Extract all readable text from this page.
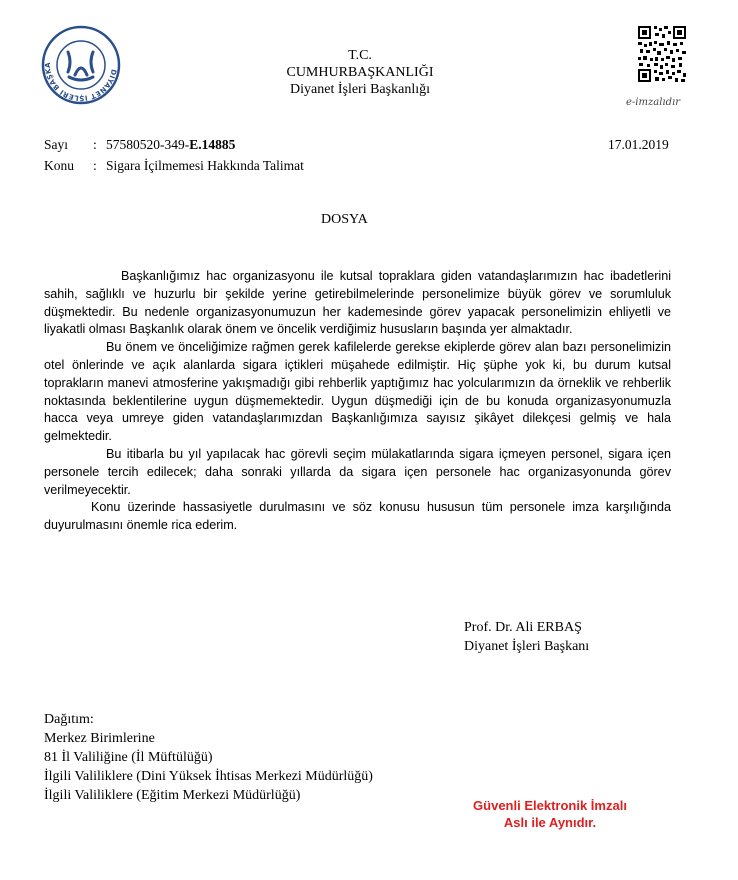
DİYANET İŞLERİ BAŞKA
T.C.
CUMHURBAŞKANLIĞI
Diyanet İşleri Başkanlığı
e-imzalıdır
Sayı : 57580520-349-E.14885	17.01.2019
Konu : Sigara İçilmemesi Hakkında Talimat
DOSYA

Başkanlığımız hac organizasyonu ile kutsal topraklara giden vatandaşlarımızın hac ibadetlerini sahih, sağlıklı ve huzurlu bir şekilde yerine getirebilmelerinde personelimize büyük görev ve sorumluluk düşmektedir. Bu nedenle organizasyonumuzun her kademesinde görev yapacak personelimizin ehliyetli ve liyakatli olması Başkanlık olarak önem ve öncelik verdiğimiz hususların başında yer almaktadır.

Bu önem ve önceliğimize rağmen gerek kafilelerde gerekse ekiplerde görev alan bazı personelimizin otel önlerinde ve açık alanlarda sigara içtikleri müşahede edilmiştir. Hiç şüphe yok ki, bu durum kutsal toprakların manevi atmosferine yakışmadığı gibi rehberlik yaptığımız hac yolcularımızın da örneklik ve rehberlik noktasında beklentilerine uygun düşmemektedir. Uygun düşmediği için de bu konuda organizasyonumuzla hacca veya umreye giden vatandaşlarımızdan Başkanlığımıza sayısız şikâyet dilekçesi gelmiş ve hala gelmektedir.

Bu itibarla bu yıl yapılacak hac görevli seçim mülakatlarında sigara içmeyen personel, sigara içen personele tercih edilecek; daha sonraki yıllarda da sigara içen personele hac organizasyonunda görev verilmeyecektir.

Konu üzerinde hassasiyetle durulmasını ve söz konusu hususun tüm personele imza karşılığında duyurulmasını önemle rica ederim.

Prof. Dr. Ali ERBAŞ
Diyanet İşleri Başkanı
Dağıtım:
Merkez Birimlerine
81 İl Valiliğine (İl Müftülüğü)
İlgili Valiliklere (Dini Yüksek İhtisas Merkezi Müdürlüğü)
İlgili Valiliklere (Eğitim Merkezi Müdürlüğü)
Güvenli Elektronik İmzalı
Aslı ile Aynıdır.
